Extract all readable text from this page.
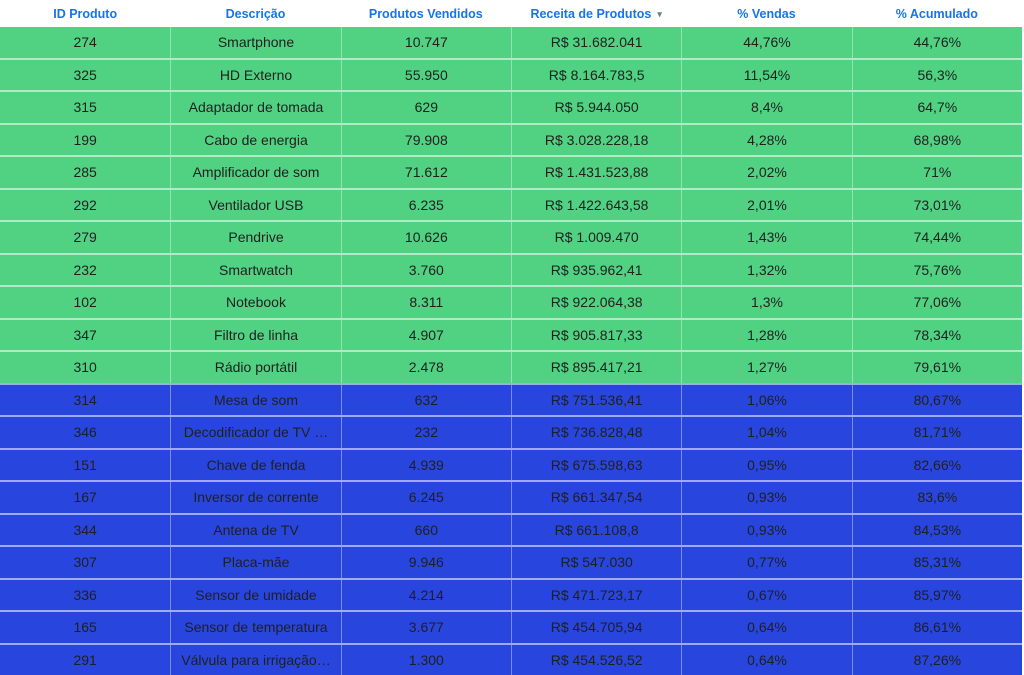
ID Produto	Descrição	Produtos Vendidos	Receita de Produtos ▾	% Vendas	% Acumulado
274	Smartphone	10.747	R$ 31.682.041	44,76%	44,76%
325	HD Externo	55.950	R$ 8.164.783,5	11,54%	56,3%
315	Adaptador de tomada	629	R$ 5.944.050	8,4%	64,7%
199	Cabo de energia	79.908	R$ 3.028.228,18	4,28%	68,98%
285	Amplificador de som	71.612	R$ 1.431.523,88	2,02%	71%
292	Ventilador USB	6.235	R$ 1.422.643,58	2,01%	73,01%
279	Pendrive	10.626	R$ 1.009.470	1,43%	74,44%
232	Smartwatch	3.760	R$ 935.962,41	1,32%	75,76%
102	Notebook	8.311	R$ 922.064,38	1,3%	77,06%
347	Filtro de linha	4.907	R$ 905.817,33	1,28%	78,34%
310	Rádio portátil	2.478	R$ 895.417,21	1,27%	79,61%
314	Mesa de som	632	R$ 751.536,41	1,06%	80,67%
346	Decodificador de TV …	232	R$ 736.828,48	1,04%	81,71%
151	Chave de fenda	4.939	R$ 675.598,63	0,95%	82,66%
167	Inversor de corrente	6.245	R$ 661.347,54	0,93%	83,6%
344	Antena de TV	660	R$ 661.108,8	0,93%	84,53%
307	Placa-mãe	9.946	R$ 547.030	0,77%	85,31%
336	Sensor de umidade	4.214	R$ 471.723,17	0,67%	85,97%
165	Sensor de temperatura	3.677	R$ 454.705,94	0,64%	86,61%
291	Válvula para irrigação…	1.300	R$ 454.526,52	0,64%	87,26%
